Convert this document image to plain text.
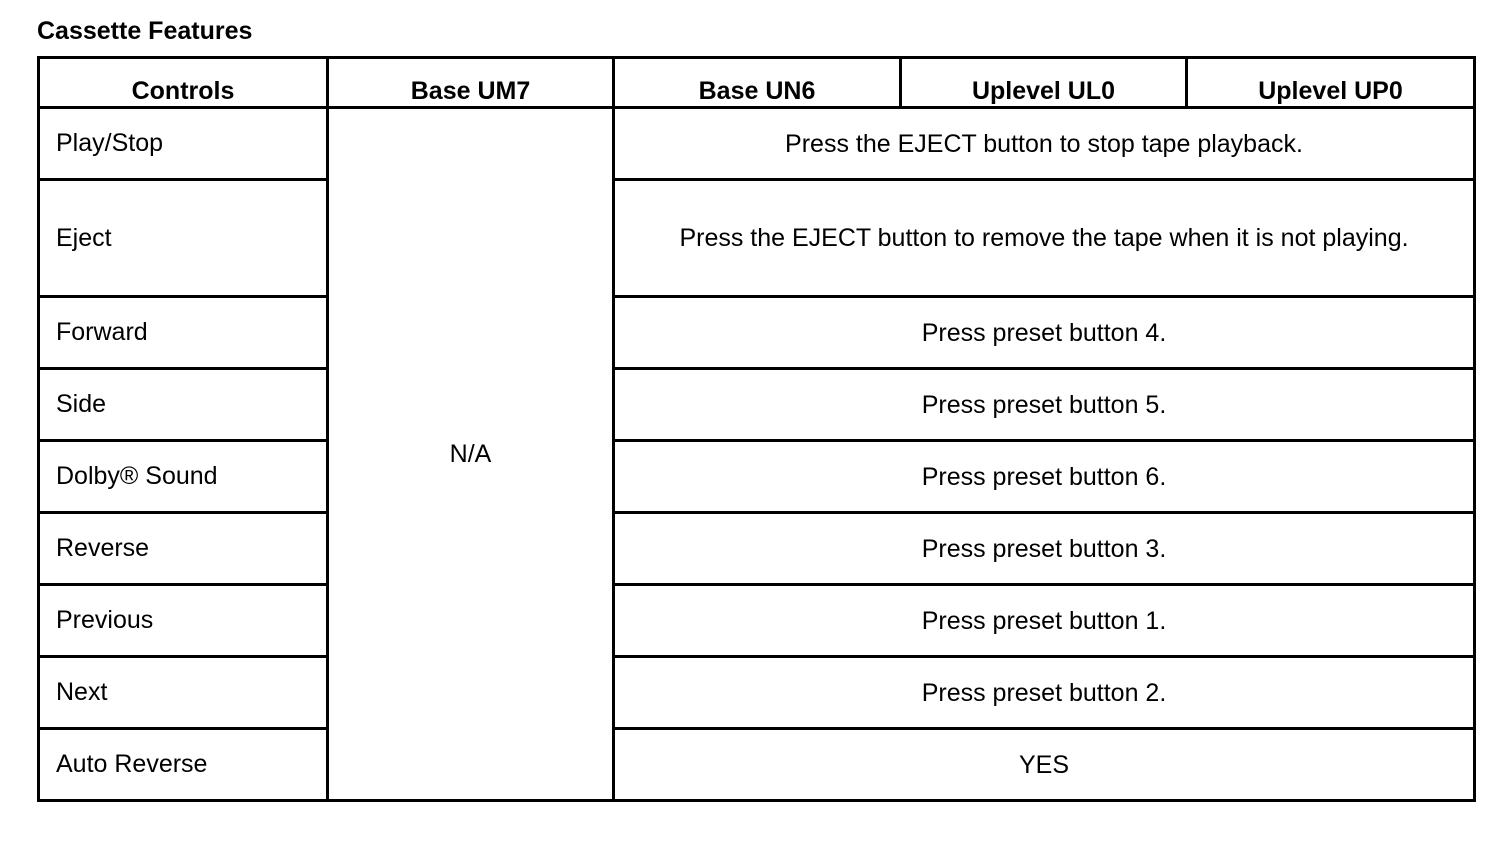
Cassette Features
Controls	Base UM7	Base UN6	Uplevel UL0	Uplevel UP0
Play/Stop	N/A	Press the EJECT button to stop tape playback.		
Eject		Press the EJECT button to remove the tape when it is not playing.		
Forward		Press preset button 4.		
Side		Press preset button 5.		
Dolby® Sound		Press preset button 6.		
Reverse		Press preset button 3.		
Previous		Press preset button 1.		
Next		Press preset button 2.		
Auto Reverse		YES		
